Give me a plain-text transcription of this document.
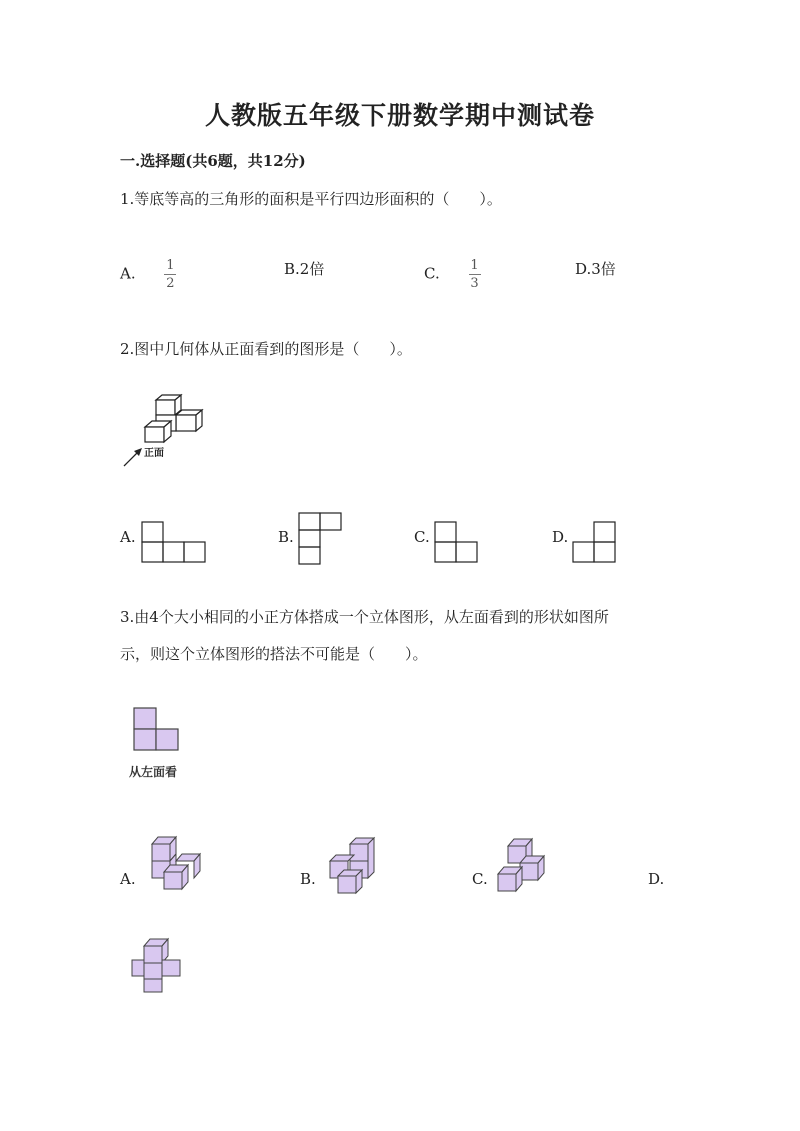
人教版五年级下册数学期中测试卷
一.选择题(共6题，共12分)
1.等底等高的三角形的面积是平行四边形面积的（　　）。
A. $\frac{1}{2}$	B.2倍	C. $\frac{1}{3}$	D.3倍
2.图中几何体从正面看到的图形是（　　）。
正面
A.	B.	C.	D.
3.由4个大小相同的小正方体搭成一个立体图形，从左面看到的形状如图所
示，则这个立体图形的搭法不可能是（　　）。
从左面看
A.	B.	C.	D.
